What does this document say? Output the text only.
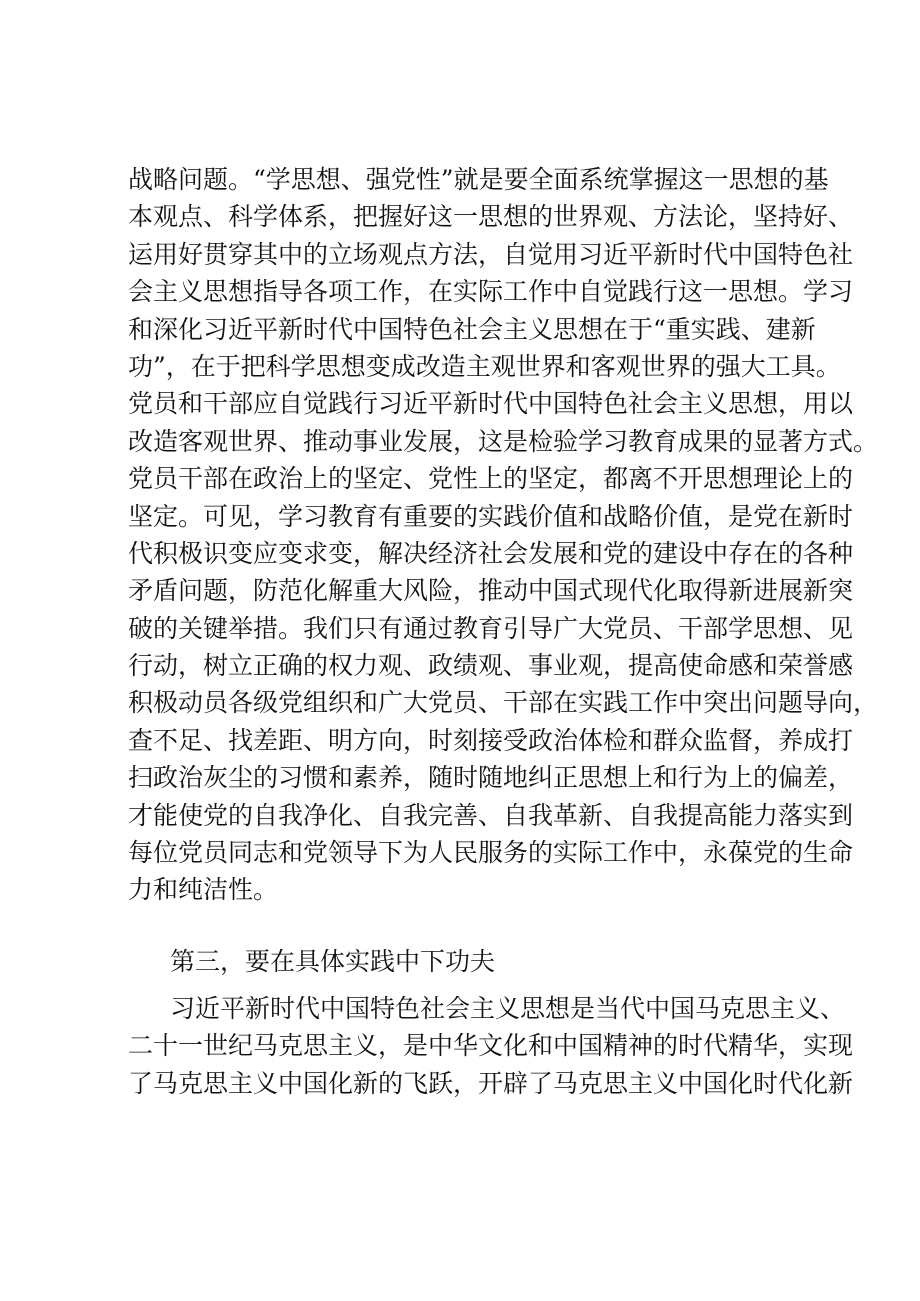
战略问题。“学思想、强党性”就是要全面系统掌握这一思想的基
本观点、科学体系，把握好这一思想的世界观、方法论，坚持好、
运用好贯穿其中的立场观点方法，自觉用习近平新时代中国特色社
会主义思想指导各项工作，在实际工作中自觉践行这一思想。学习
和深化习近平新时代中国特色社会主义思想在于“重实践、建新
功”，在于把科学思想变成改造主观世界和客观世界的强大工具。
党员和干部应自觉践行习近平新时代中国特色社会主义思想，用以
改造客观世界、推动事业发展，这是检验学习教育成果的显著方式。
党员干部在政治上的坚定、党性上的坚定，都离不开思想理论上的
坚定。可见，学习教育有重要的实践价值和战略价值，是党在新时
代积极识变应变求变，解决经济社会发展和党的建设中存在的各种
矛盾问题，防范化解重大风险，推动中国式现代化取得新进展新突
破的关键举措。我们只有通过教育引导广大党员、干部学思想、见
行动，树立正确的权力观、政绩观、事业观，提高使命感和荣誉感
积极动员各级党组织和广大党员、干部在实践工作中突出问题导向，
查不足、找差距、明方向，时刻接受政治体检和群众监督，养成打
扫政治灰尘的习惯和素养，随时随地纠正思想上和行为上的偏差，
才能使党的自我净化、自我完善、自我革新、自我提高能力落实到
每位党员同志和党领导下为人民服务的实际工作中，永葆党的生命
力和纯洁性。
第三，要在具体实践中下功夫
习近平新时代中国特色社会主义思想是当代中国马克思主义、
二十一世纪马克思主义，是中华文化和中国精神的时代精华，实现
了马克思主义中国化新的飞跃，开辟了马克思主义中国化时代化新
